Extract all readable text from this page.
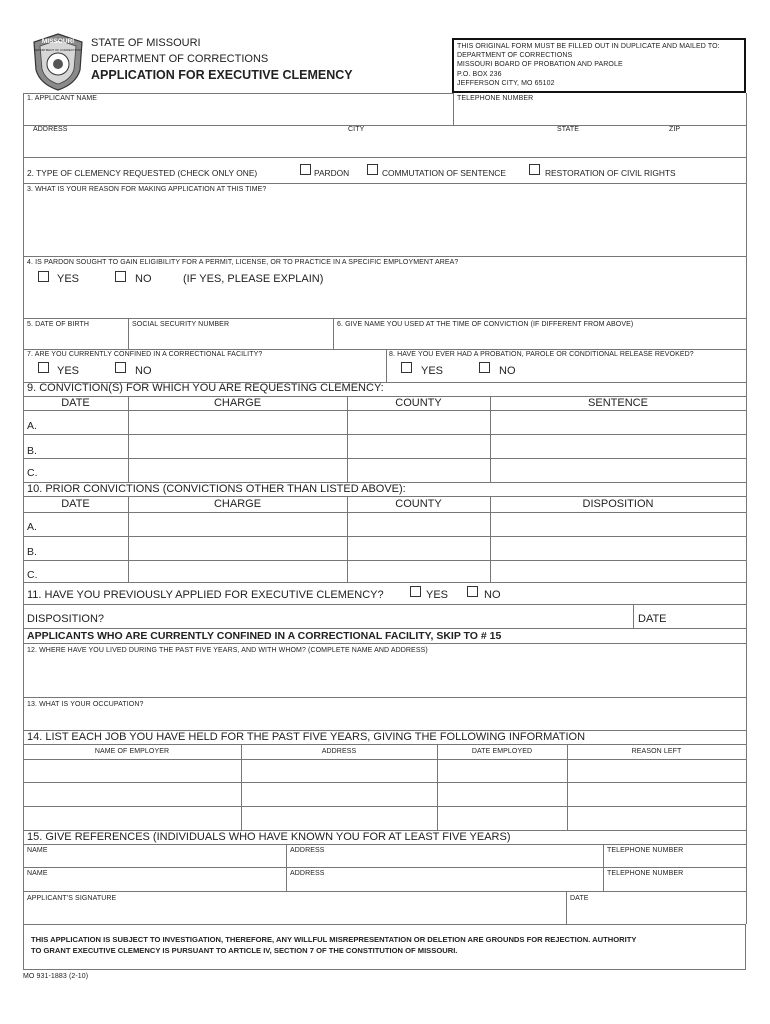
MISSOURI
DEPARTMENT OF CORRECTIONS
STATE OF MISSOURI
DEPARTMENT OF CORRECTIONS
APPLICATION FOR EXECUTIVE CLEMENCY
THIS ORIGINAL FORM MUST BE FILLED OUT IN DUPLICATE AND MAILED TO:
DEPARTMENT OF CORRECTIONS
MISSOURI BOARD OF PROBATION AND PAROLE
P.O. BOX 236
JEFFERSON CITY, MO 65102
1. APPLICANT NAME	TELEPHONE NUMBER
ADDRESS	CITY	STATE	ZIP
2. TYPE OF CLEMENCY REQUESTED (CHECK ONLY ONE)	PARDON	COMMUTATION OF SENTENCE	RESTORATION OF CIVIL RIGHTS
3. WHAT IS YOUR REASON FOR MAKING APPLICATION AT THIS TIME?
4. IS PARDON SOUGHT TO GAIN ELIGIBILITY FOR A PERMIT, LICENSE, OR TO PRACTICE IN A SPECIFIC EMPLOYMENT AREA?
YES	NO	(IF YES, PLEASE EXPLAIN)
5. DATE OF BIRTH	SOCIAL SECURITY NUMBER	6. GIVE NAME YOU USED AT THE TIME OF CONVICTION (IF DIFFERENT FROM ABOVE)
7. ARE YOU CURRENTLY CONFINED IN A CORRECTIONAL FACILITY?
YES	NO
8. HAVE YOU EVER HAD A PROBATION, PAROLE OR CONDITIONAL RELEASE REVOKED?
YES	NO
9. CONVICTION(S) FOR WHICH YOU ARE REQUESTING CLEMENCY:
DATE	CHARGE	COUNTY	SENTENCE
A.
B.
C.
10. PRIOR CONVICTIONS (CONVICTIONS OTHER THAN LISTED ABOVE):
DATE	CHARGE	COUNTY	DISPOSITION
A.
B.
C.
11. HAVE YOU PREVIOUSLY APPLIED FOR EXECUTIVE CLEMENCY?	YES	NO
DISPOSITION?	DATE
APPLICANTS WHO ARE CURRENTLY CONFINED IN A CORRECTIONAL FACILITY, SKIP TO # 15
12. WHERE HAVE YOU LIVED DURING THE PAST FIVE YEARS, AND WITH WHOM? (COMPLETE NAME AND ADDRESS)
13. WHAT IS YOUR OCCUPATION?
14. LIST EACH JOB YOU HAVE HELD FOR THE PAST FIVE YEARS, GIVING THE FOLLOWING INFORMATION
NAME OF EMPLOYER	ADDRESS	DATE EMPLOYED	REASON LEFT
15. GIVE REFERENCES (INDIVIDUALS WHO HAVE KNOWN YOU FOR AT LEAST FIVE YEARS)
NAME	ADDRESS	TELEPHONE NUMBER
NAME	ADDRESS	TELEPHONE NUMBER
APPLICANT'S SIGNATURE	DATE
THIS APPLICATION IS SUBJECT TO INVESTIGATION, THEREFORE, ANY WILLFUL MISREPRESENTATION OR DELETION ARE GROUNDS FOR REJECTION. AUTHORITY
TO GRANT EXECUTIVE CLEMENCY IS PURSUANT TO ARTICLE IV, SECTION 7 OF THE CONSTITUTION OF MISSOURI.
MO 931-1883 (2-10)
